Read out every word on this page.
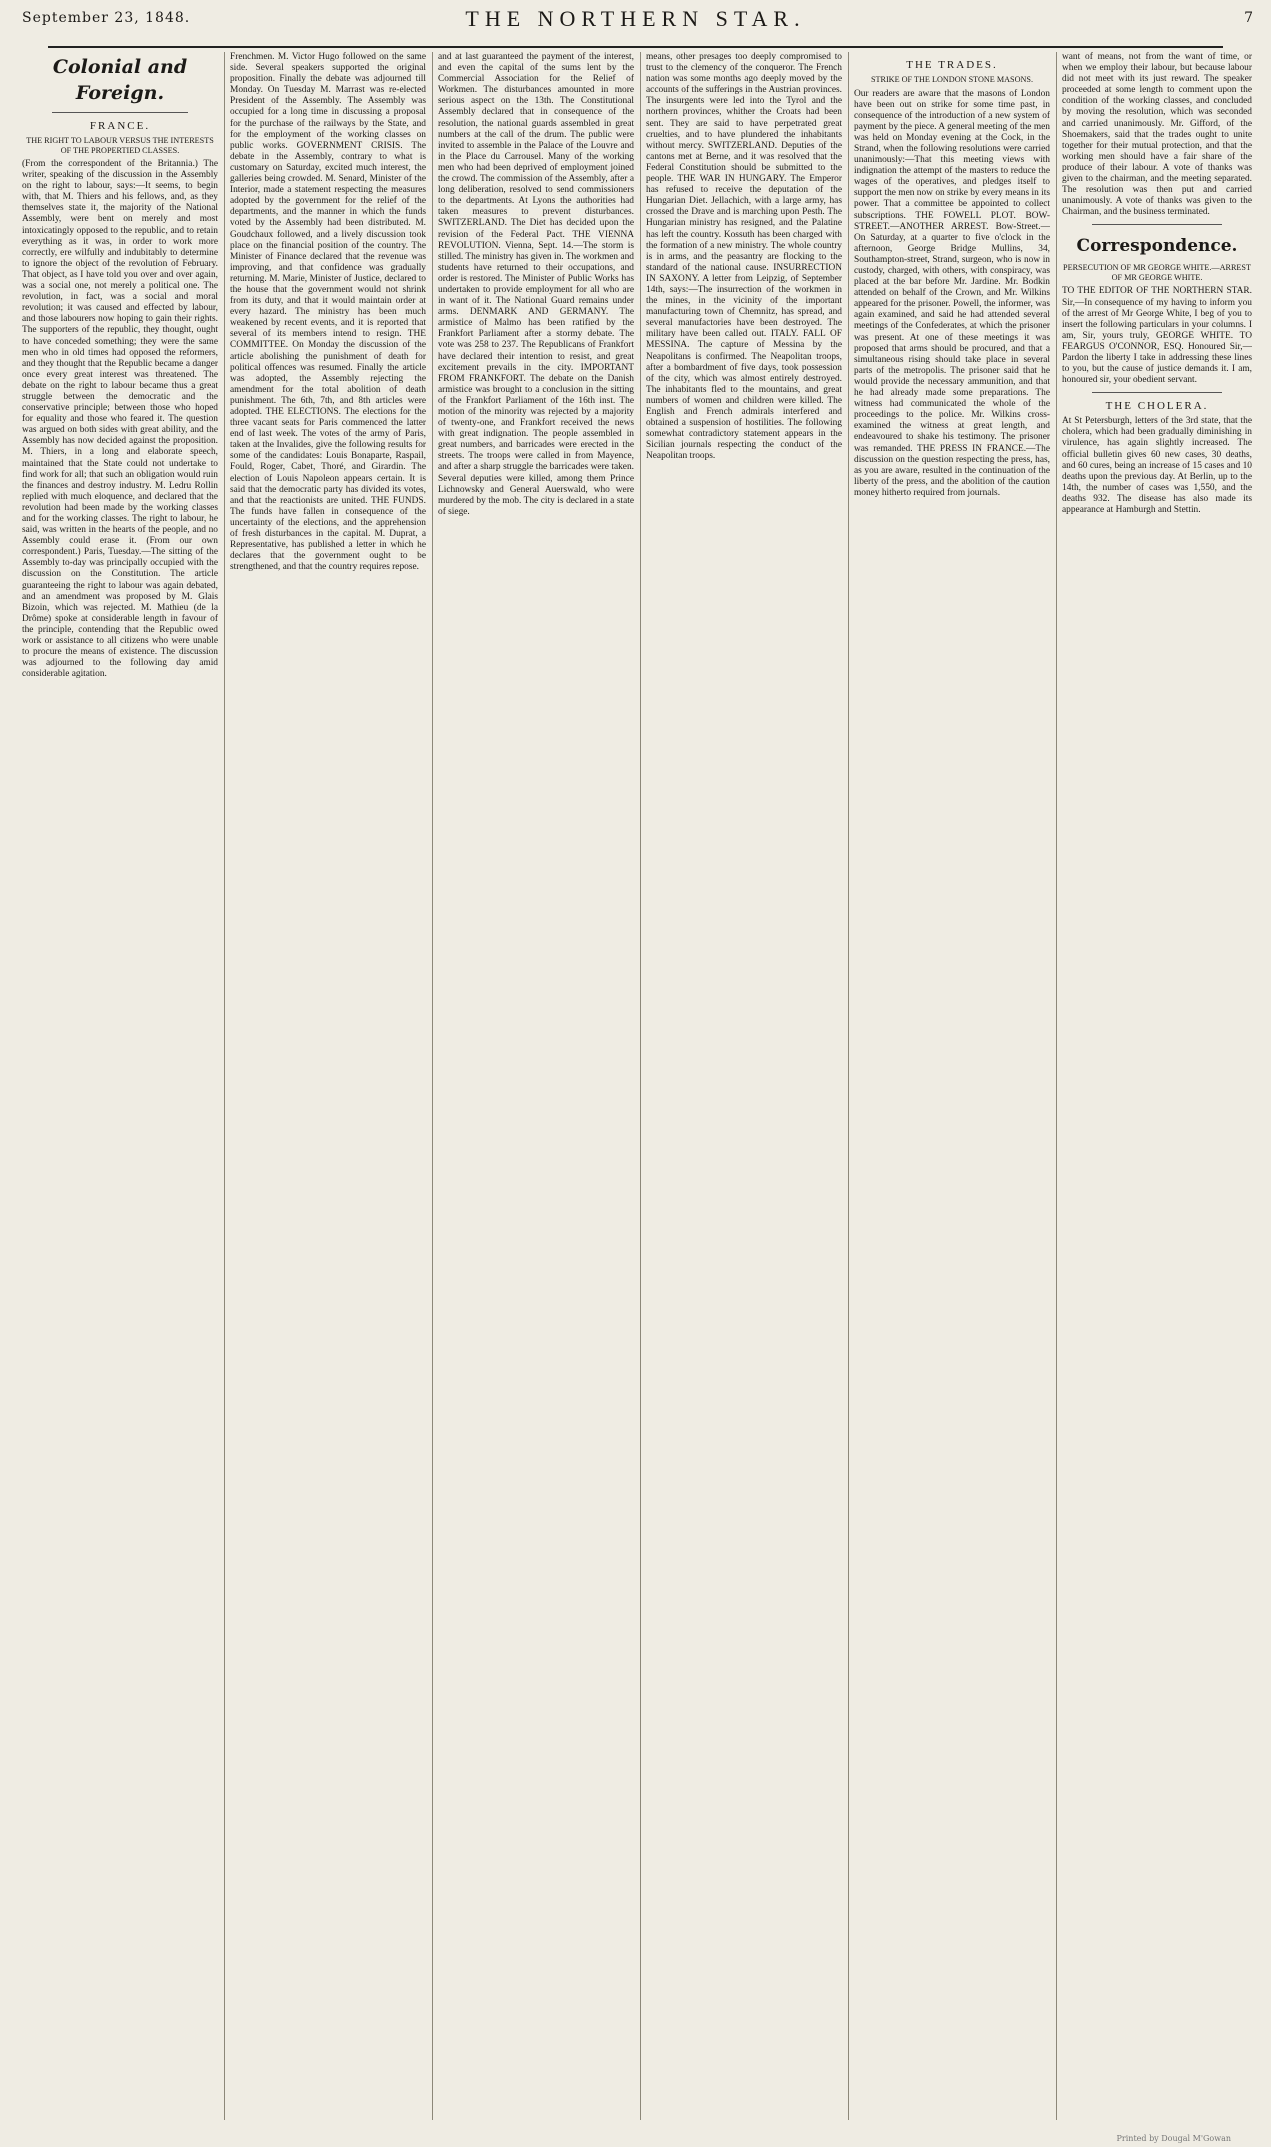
September 23, 1848.	THE NORTHERN STAR.	7
Colonial and Foreign.
FRANCE.
THE RIGHT TO LABOUR VERSUS THE INTERESTS OF THE PROPERTIED CLASSES.
(From the correspondent of the Britannia.) The writer, speaking of the discussion in the Assembly on the right to labour, says:—It seems, to begin with, that M. Thiers and his fellows, and, as they themselves state it, the majority of the National Assembly, were bent on merely and most intoxicatingly opposed to the republic, and to retain everything as it was, in order to work more correctly, ere wilfully and indubitably to determine to ignore the object of the revolution of February. That object, as I have told you over and over again, was a social one, not merely a political one. The revolution, in fact, was a social and moral revolution; it was caused and effected by labour, and those labourers now hoping to gain their rights. The supporters of the republic, they thought, ought to have conceded something; they were the same men who in old times had opposed the reformers, and they thought that the Republic became a danger once every great interest was threatened. The debate on the right to labour became thus a great struggle between the democratic and the conservative principle; between those who hoped for equality and those who feared it. The question was argued on both sides with great ability, and the Assembly has now decided against the proposition. M. Thiers, in a long and elaborate speech, maintained that the State could not undertake to find work for all; that such an obligation would ruin the finances and destroy industry. M. Ledru Rollin replied with much eloquence, and declared that the revolution had been made by the working classes and for the working classes. The right to labour, he said, was written in the hearts of the people, and no Assembly could erase it. (From our own correspondent.) Paris, Tuesday.—The sitting of the Assembly to-day was principally occupied with the discussion on the Constitution. The article guaranteeing the right to labour was again debated, and an amendment was proposed by M. Glais Bizoin, which was rejected. M. Mathieu (de la Drôme) spoke at considerable length in favour of the principle, contending that the Republic owed work or assistance to all citizens who were unable to procure the means of existence. The discussion was adjourned to the following day amid considerable agitation.
Frenchmen. M. Victor Hugo followed on the same side. Several speakers supported the original proposition. Finally the debate was adjourned till Monday. On Tuesday M. Marrast was re-elected President of the Assembly. The Assembly was occupied for a long time in discussing a proposal for the purchase of the railways by the State, and for the employment of the working classes on public works. GOVERNMENT CRISIS. The debate in the Assembly, contrary to what is customary on Saturday, excited much interest, the galleries being crowded. M. Senard, Minister of the Interior, made a statement respecting the measures adopted by the government for the relief of the departments, and the manner in which the funds voted by the Assembly had been distributed. M. Goudchaux followed, and a lively discussion took place on the financial position of the country. The Minister of Finance declared that the revenue was improving, and that confidence was gradually returning. M. Marie, Minister of Justice, declared to the house that the government would not shrink from its duty, and that it would maintain order at every hazard. The ministry has been much weakened by recent events, and it is reported that several of its members intend to resign. THE COMMITTEE. On Monday the discussion of the article abolishing the punishment of death for political offences was resumed. Finally the article was adopted, the Assembly rejecting the amendment for the total abolition of death punishment. The 6th, 7th, and 8th articles were adopted. THE ELECTIONS. The elections for the three vacant seats for Paris commenced the latter end of last week. The votes of the army of Paris, taken at the Invalides, give the following results for some of the candidates: Louis Bonaparte, Raspail, Fould, Roger, Cabet, Thoré, and Girardin. The election of Louis Napoleon appears certain. It is said that the democratic party has divided its votes, and that the reactionists are united. THE FUNDS. The funds have fallen in consequence of the uncertainty of the elections, and the apprehension of fresh disturbances in the capital. M. Duprat, a Representative, has published a letter in which he declares that the government ought to be strengthened, and that the country requires repose.
and at last guaranteed the payment of the interest, and even the capital of the sums lent by the Commercial Association for the Relief of Workmen. The disturbances amounted in more serious aspect on the 13th. The Constitutional Assembly declared that in consequence of the resolution, the national guards assembled in great numbers at the call of the drum. The public were invited to assemble in the Palace of the Louvre and in the Place du Carrousel. Many of the working men who had been deprived of employment joined the crowd. The commission of the Assembly, after a long deliberation, resolved to send commissioners to the departments. At Lyons the authorities had taken measures to prevent disturbances. SWITZERLAND. The Diet has decided upon the revision of the Federal Pact. THE VIENNA REVOLUTION. Vienna, Sept. 14.—The storm is stilled. The ministry has given in. The workmen and students have returned to their occupations, and order is restored. The Minister of Public Works has undertaken to provide employment for all who are in want of it. The National Guard remains under arms. DENMARK AND GERMANY. The armistice of Malmo has been ratified by the Frankfort Parliament after a stormy debate. The vote was 258 to 237. The Republicans of Frankfort have declared their intention to resist, and great excitement prevails in the city. IMPORTANT FROM FRANKFORT. The debate on the Danish armistice was brought to a conclusion in the sitting of the Frankfort Parliament of the 16th inst. The motion of the minority was rejected by a majority of twenty-one, and Frankfort received the news with great indignation. The people assembled in great numbers, and barricades were erected in the streets. The troops were called in from Mayence, and after a sharp struggle the barricades were taken. Several deputies were killed, among them Prince Lichnowsky and General Auerswald, who were murdered by the mob. The city is declared in a state of siege.
means, other presages too deeply compromised to trust to the clemency of the conqueror. The French nation was some months ago deeply moved by the accounts of the sufferings in the Austrian provinces. The insurgents were led into the Tyrol and the northern provinces, whither the Croats had been sent. They are said to have perpetrated great cruelties, and to have plundered the inhabitants without mercy. SWITZERLAND. Deputies of the cantons met at Berne, and it was resolved that the Federal Constitution should be submitted to the people. THE WAR IN HUNGARY. The Emperor has refused to receive the deputation of the Hungarian Diet. Jellachich, with a large army, has crossed the Drave and is marching upon Pesth. The Hungarian ministry has resigned, and the Palatine has left the country. Kossuth has been charged with the formation of a new ministry. The whole country is in arms, and the peasantry are flocking to the standard of the national cause. INSURRECTION IN SAXONY. A letter from Leipzig, of September 14th, says:—The insurrection of the workmen in the mines, in the vicinity of the important manufacturing town of Chemnitz, has spread, and several manufactories have been destroyed. The military have been called out. ITALY. FALL OF MESSINA. The capture of Messina by the Neapolitans is confirmed. The Neapolitan troops, after a bombardment of five days, took possession of the city, which was almost entirely destroyed. The inhabitants fled to the mountains, and great numbers of women and children were killed. The English and French admirals interfered and obtained a suspension of hostilities. The following somewhat contradictory statement appears in the Sicilian journals respecting the conduct of the Neapolitan troops.
THE TRADES.
STRIKE OF THE LONDON STONE MASONS.
Our readers are aware that the masons of London have been out on strike for some time past, in consequence of the introduction of a new system of payment by the piece. A general meeting of the men was held on Monday evening at the Cock, in the Strand, when the following resolutions were carried unanimously:—That this meeting views with indignation the attempt of the masters to reduce the wages of the operatives, and pledges itself to support the men now on strike by every means in its power. That a committee be appointed to collect subscriptions. THE FOWELL PLOT. BOW-STREET.—ANOTHER ARREST. Bow-Street.—On Saturday, at a quarter to five o'clock in the afternoon, George Bridge Mullins, 34, Southampton-street, Strand, surgeon, who is now in custody, charged, with others, with conspiracy, was placed at the bar before Mr. Jardine. Mr. Bodkin attended on behalf of the Crown, and Mr. Wilkins appeared for the prisoner. Powell, the informer, was again examined, and said he had attended several meetings of the Confederates, at which the prisoner was present. At one of these meetings it was proposed that arms should be procured, and that a simultaneous rising should take place in several parts of the metropolis. The prisoner said that he would provide the necessary ammunition, and that he had already made some preparations. The witness had communicated the whole of the proceedings to the police. Mr. Wilkins cross-examined the witness at great length, and endeavoured to shake his testimony. The prisoner was remanded. THE PRESS IN FRANCE.—The discussion on the question respecting the press, has, as you are aware, resulted in the continuation of the liberty of the press, and the abolition of the caution money hitherto required from journals.
want of means, not from the want of time, or when we employ their labour, but because labour did not meet with its just reward. The speaker proceeded at some length to comment upon the condition of the working classes, and concluded by moving the resolution, which was seconded and carried unanimously. Mr. Gifford, of the Shoemakers, said that the trades ought to unite together for their mutual protection, and that the working men should have a fair share of the produce of their labour. A vote of thanks was given to the chairman, and the meeting separated. The resolution was then put and carried unanimously. A vote of thanks was given to the Chairman, and the business terminated.
Correspondence.
PERSECUTION OF MR GEORGE WHITE.—ARREST OF MR GEORGE WHITE.
TO THE EDITOR OF THE NORTHERN STAR. Sir,—In consequence of my having to inform you of the arrest of Mr George White, I beg of you to insert the following particulars in your columns. I am, Sir, yours truly, GEORGE WHITE. TO FEARGUS O'CONNOR, ESQ. Honoured Sir,—Pardon the liberty I take in addressing these lines to you, but the cause of justice demands it. I am, honoured sir, your obedient servant.
THE CHOLERA.
At St Petersburgh, letters of the 3rd state, that the cholera, which had been gradually diminishing in virulence, has again slightly increased. The official bulletin gives 60 new cases, 30 deaths, and 60 cures, being an increase of 15 cases and 10 deaths upon the previous day. At Berlin, up to the 14th, the number of cases was 1,550, and the deaths 932. The disease has also made its appearance at Hamburgh and Stettin.
Printed by Dougal M'Gowan
